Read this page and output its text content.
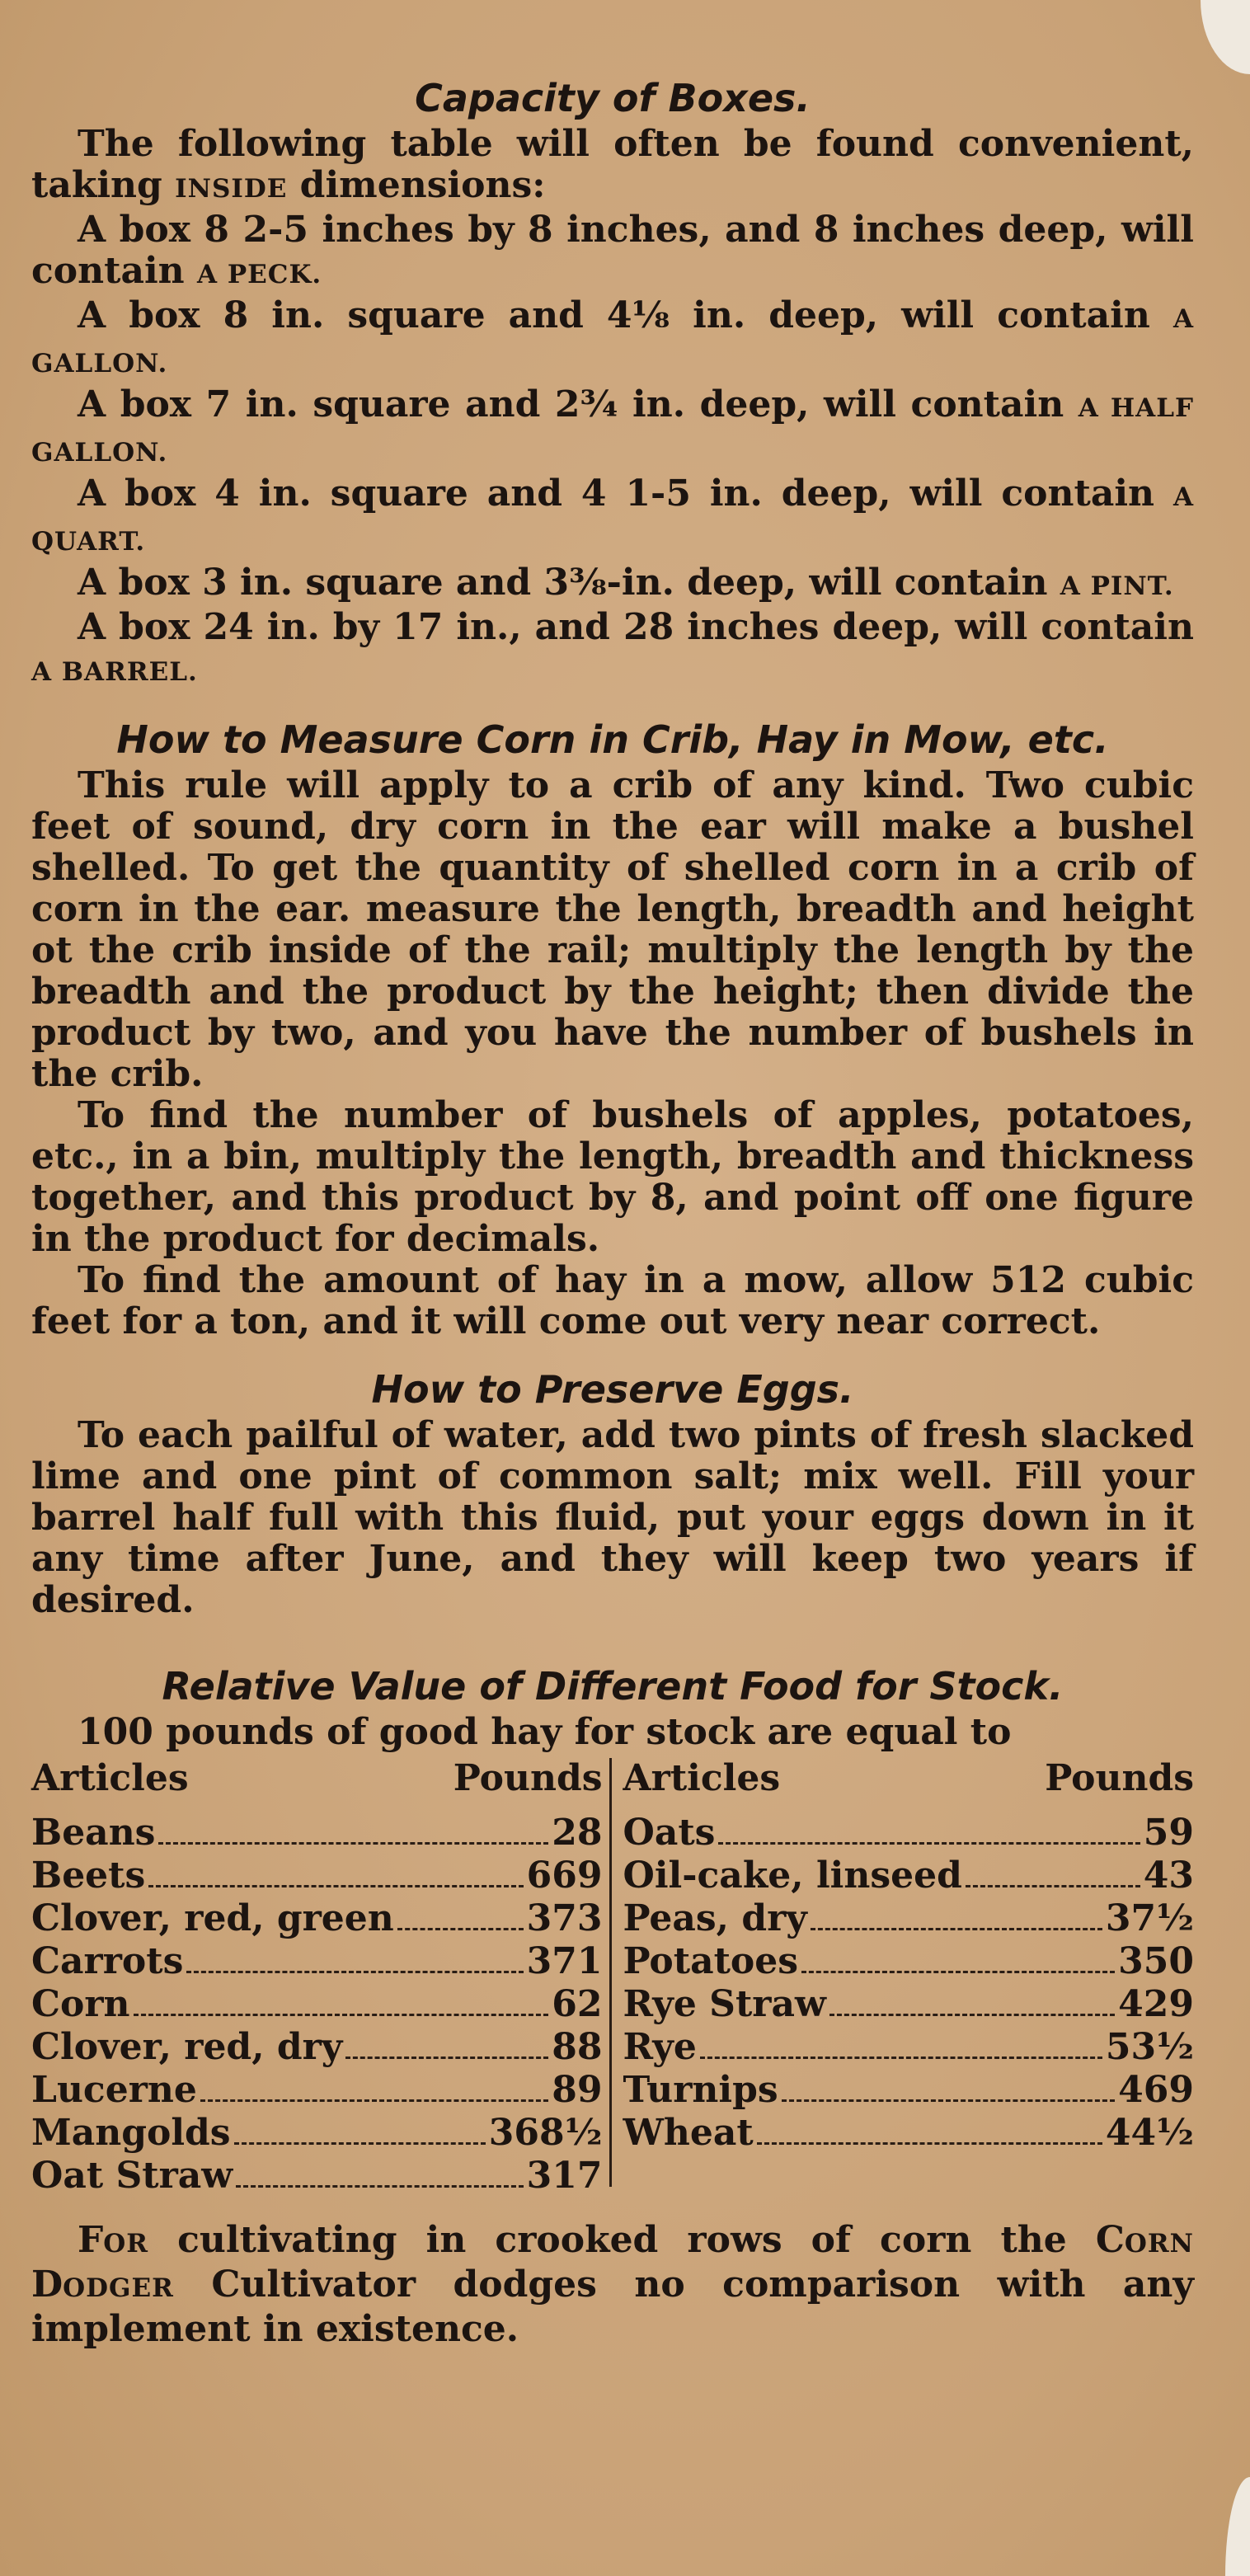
Capacity of Boxes.

The following table will often be found convenient, taking INSIDE dimensions:

A box 8 2-5 inches by 8 inches, and 8 inches deep, will contain A PECK.

A box 8 in. square and 4⅛ in. deep, will contain A GALLON.

A box 7 in. square and 2¾ in. deep, will contain A HALF GALLON.

A box 4 in. square and 4 1-5 in. deep, will contain A QUART.

A box 3 in. square and 3⅜-in. deep, will contain A PINT.

A box 24 in. by 17 in., and 28 inches deep, will contain A BARREL.

How to Measure Corn in Crib, Hay in Mow, etc.

This rule will apply to a crib of any kind. Two cubic feet of sound, dry corn in the ear will make a bushel shelled. To get the quantity of shelled corn in a crib of corn in the ear. measure the length, breadth and height ot the crib inside of the rail; multiply the length by the breadth and the product by the height; then divide the product by two, and you have the number of bushels in the crib.

To find the number of bushels of apples, potatoes, etc., in a bin, multiply the length, breadth and thickness together, and this product by 8, and point off one figure in the product for decimals.

To find the amount of hay in a mow, allow 512 cubic feet for a ton, and it will come out very near correct.

How to Preserve Eggs.

To each pailful of water, add two pints of fresh slacked lime and one pint of common salt; mix well. Fill your barrel half full with this fluid, put your eggs down in it any time after June, and they will keep two years if desired.

Relative Value of Different Food for Stock.

100 pounds of good hay for stock are equal to

Articles	Pounds
Beans	28
Beets	669
Clover, red, green	373
Carrots	371
Corn	62
Clover, red, dry	88
Lucerne	89
Mangolds	368½
Oat Straw	317
Articles	Pounds
Oats	59
Oil-cake, linseed	43
Peas, dry	37½
Potatoes	350
Rye Straw	429
Rye	53½
Turnips	469
Wheat	44½

FOR cultivating in crooked rows of corn the CORN DODGER Cultivator dodges no comparison with any implement in existence.
